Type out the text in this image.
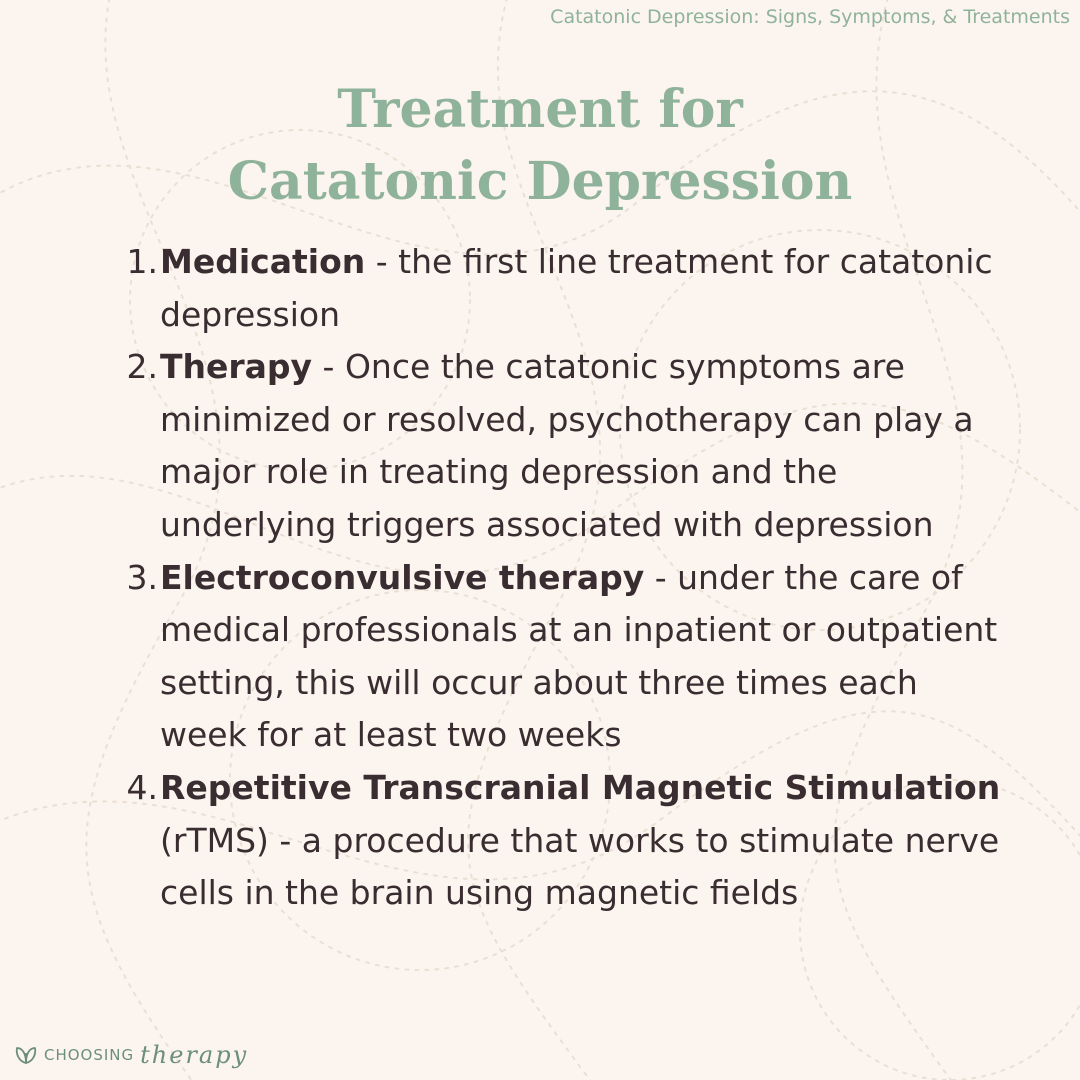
Catatonic Depression: Signs, Symptoms, & Treatments
Treatment for
Catatonic Depression
1. Medication - the first line treatment for catatonic depression
2. Therapy - Once the catatonic symptoms are minimized or resolved, psychotherapy can play a major role in treating depression and the underlying triggers associated with depression
3. Electroconvulsive therapy - under the care of medical professionals at an inpatient or outpatient setting, this will occur about three times each week for at least two weeks
4. Repetitive Transcranial Magnetic Stimulation (rTMS) - a procedure that works to stimulate nerve cells in the brain using magnetic fields
CHOOSING therapy
